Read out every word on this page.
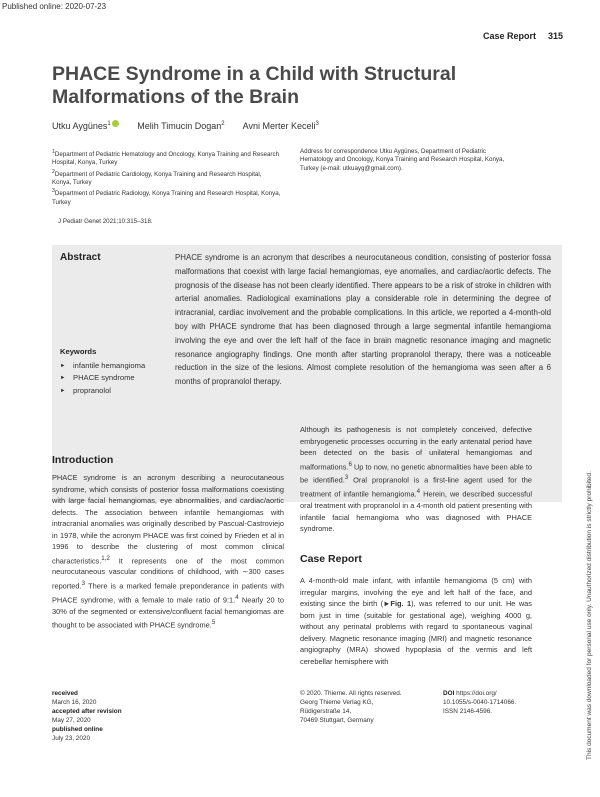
Published online: 2020-07-23
Case Report 315
PHACE Syndrome in a Child with Structural Malformations of the Brain
Utku Aygünes$^1$	Melih Timucin Dogan$^2$ Avni Merter Keceli$^3$

$^1$Department of Pediatric Hematology and Oncology, Konya Training and Research Hospital, Konya, Turkey

$^2$Department of Pediatric Cardiology, Konya Training and Research Hospital, Konya, Turkey

$^3$Department of Pediatric Radiology, Konya Training and Research Hospital, Konya, Turkey

Address for correspondence Utku Aygünes, Department of Pediatric Hematology and Oncology, Konya Training and Research Hospital, Konya, Turkey (e-mail: utkuayg@gmail.com).
J Pediatr Genet 2021;10:315–318.
Abstract	PHACE syndrome is an acronym that describes a neurocutaneous condition, consisting of posterior fossa malformations that coexist with large facial hemangiomas, eye anomalies, and cardiac/aortic defects. The prognosis of the disease has not been clearly identified. There appears to be a risk of stroke in children with arterial anomalies. Radiological examinations play a considerable role in determining the degree of intracranial, cardiac involvement and the probable complications. In this article, we reported a 4-month-old boy with PHACE syndrome that has been diagnosed through a large segmental infantile hemangioma involving the eye and over the left half of the face in brain magnetic resonance imaging and magnetic resonance angiography findings. One month after starting propranolol therapy, there was a noticeable reduction in the size of the lesions. Almost complete resolution of the hemangioma was seen after a 6 months of propranolol therapy.
Keywords
► infantile hemangioma
► PHACE syndrome
► propranolol
This document was downloaded for personal use only. Unauthorized distribution is strictly prohibited.
Introduction

PHACE syndrome is an acronym describing a neurocutaneous syndrome, which consists of posterior fossa malformations coexisting with large facial hemangiomas, eye abnormalities, and cardiac/aortic defects. The association between infantile hemangiomas with intracranial anomalies was originally described by Pascual-Castroviejo in 1978, while the acronym PHACE was first coined by Frieden et al in 1996 to describe the clustering of most common clinical characteristics.$^{1,2}$ It represents one of the most common neurocutaneous vascular conditions of childhood, with ∼300 cases reported.$^3$ There is a marked female preponderance in patients with PHACE syndrome, with a female to male ratio of 9:1.$^4$ Nearly 20 to 30% of the segmented or extensive/confluent facial hemangiomas are thought to be associated with PHACE syndrome.$^5$

Although its pathogenesis is not completely conceived, defective embryogenetic processes occurring in the early antenatal period have been detected on the basis of unilateral hemangiomas and malformations.$^6$ Up to now, no genetic abnormalities have been able to be identified.$^3$ Oral propranolol is a first-line agent used for the treatment of infantile hemangioma.$^4$ Herein, we described successful oral treatment with propranolol in a 4-month old patient presenting with infantile facial hemangioma who was diagnosed with PHACE syndrome.

Case Report

A 4-month-old male infant, with infantile hemangioma (5 cm) with irregular margins, involving the eye and left half of the face, and existing since the birth (►Fig. 1), was referred to our unit. He was born just in time (suitable for gestational age), weighing 4000 g, without any perinatal problems with regard to spontaneous vaginal delivery. Magnetic resonance imaging (MRI) and magnetic resonance angiography (MRA) showed hypoplasia of the vermis and left cerebellar hemisphere with

received
March 16, 2020
accepted after revision
May 27, 2020
published online
July 23, 2020
© 2020. Thieme. All rights reserved.
Georg Thieme Verlag KG,
Rüdigerstraße 14,
70469 Stuttgart, Germany
DOI https://doi.org/
10.1055/s-0040-1714066.
ISSN 2146-4596.
